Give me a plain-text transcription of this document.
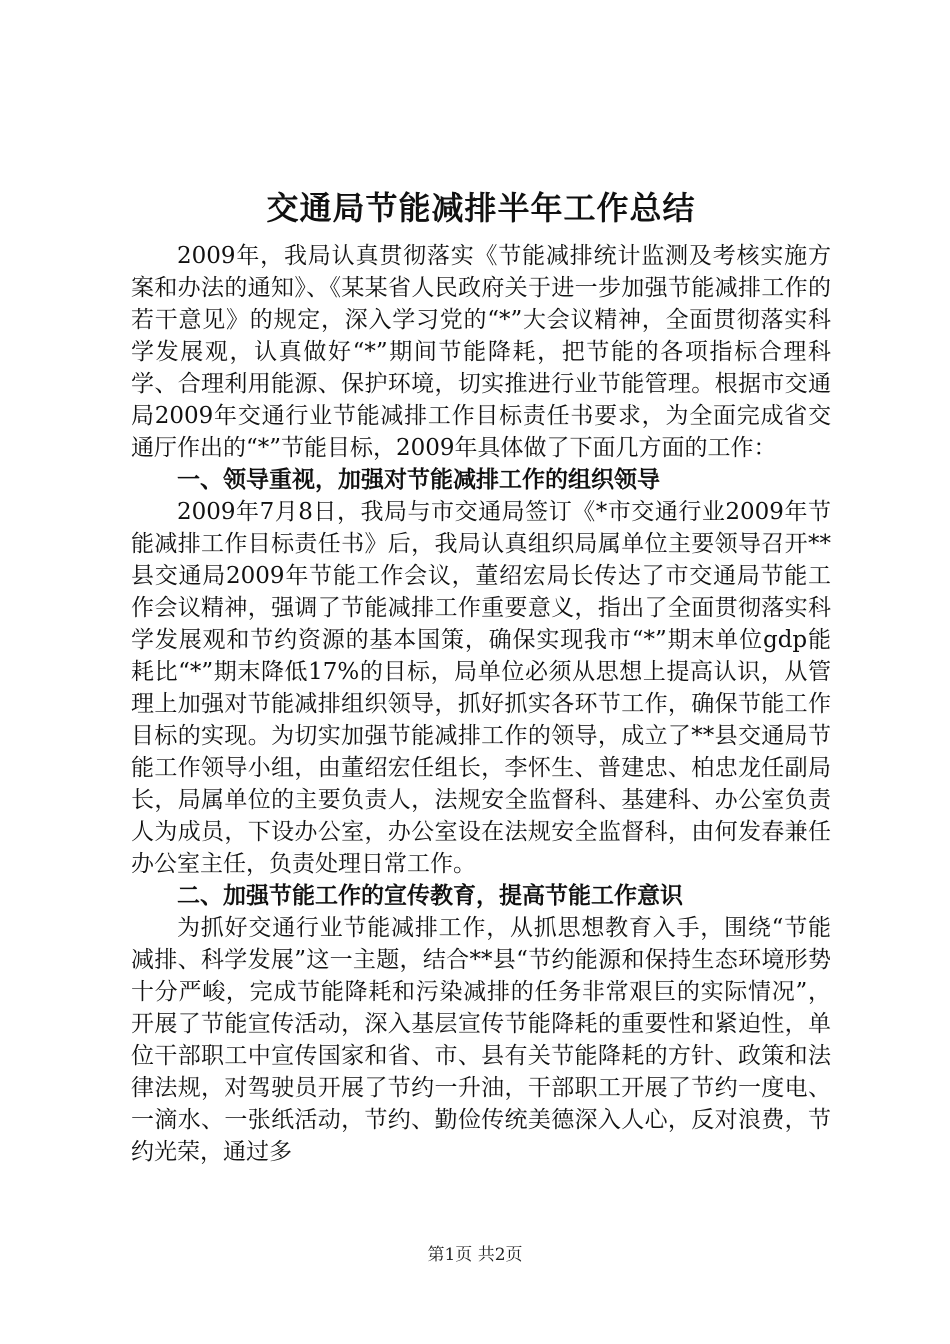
交通局节能减排半年工作总结

2009年，我局认真贯彻落实《节能减排统计监测及考核实施方案和办法的通知》、《某某省人民政府关于进一步加强节能减排工作的若干意见》的规定，深入学习党的“*”大会议精神，全面贯彻落实科学发展观，认真做好“*”期间节能降耗，把节能的各项指标合理科学、合理利用能源、保护环境，切实推进行业节能管理。根据市交通局2009年交通行业节能减排工作目标责任书要求，为全面完成省交通厅作出的“*”节能目标，2009年具体做了下面几方面的工作：

一、领导重视，加强对节能减排工作的组织领导

2009年7月8日，我局与市交通局签订《*市交通行业2009年节能减排工作目标责任书》后，我局认真组织局属单位主要领导召开**县交通局2009年节能工作会议，董绍宏局长传达了市交通局节能工作会议精神，强调了节能减排工作重要意义，指出了全面贯彻落实科学发展观和节约资源的基本国策，确保实现我市“*”期末单位gdp能耗比“*”期末降低17%的目标，局单位必须从思想上提高认识，从管理上加强对节能减排组织领导，抓好抓实各环节工作，确保节能工作目标的实现。为切实加强节能减排工作的领导，成立了**县交通局节能工作领导小组，由董绍宏任组长，李怀生、普建忠、柏忠龙任副局长，局属单位的主要负责人，法规安全监督科、基建科、办公室负责人为成员，下设办公室，办公室设在法规安全监督科，由何发春兼任办公室主任，负责处理日常工作。

二、加强节能工作的宣传教育，提高节能工作意识

为抓好交通行业节能减排工作，从抓思想教育入手，围绕“节能减排、科学发展”这一主题，结合**县“节约能源和保持生态环境形势十分严峻，完成节能降耗和污染减排的任务非常艰巨的实际情况”，开展了节能宣传活动，深入基层宣传节能降耗的重要性和紧迫性，单位干部职工中宣传国家和省、市、县有关节能降耗的方针、政策和法律法规，对驾驶员开展了节约一升油，干部职工开展了节约一度电、一滴水、一张纸活动，节约、勤俭传统美德深入人心，反对浪费，节约光荣，通过多

第1页 共2页
